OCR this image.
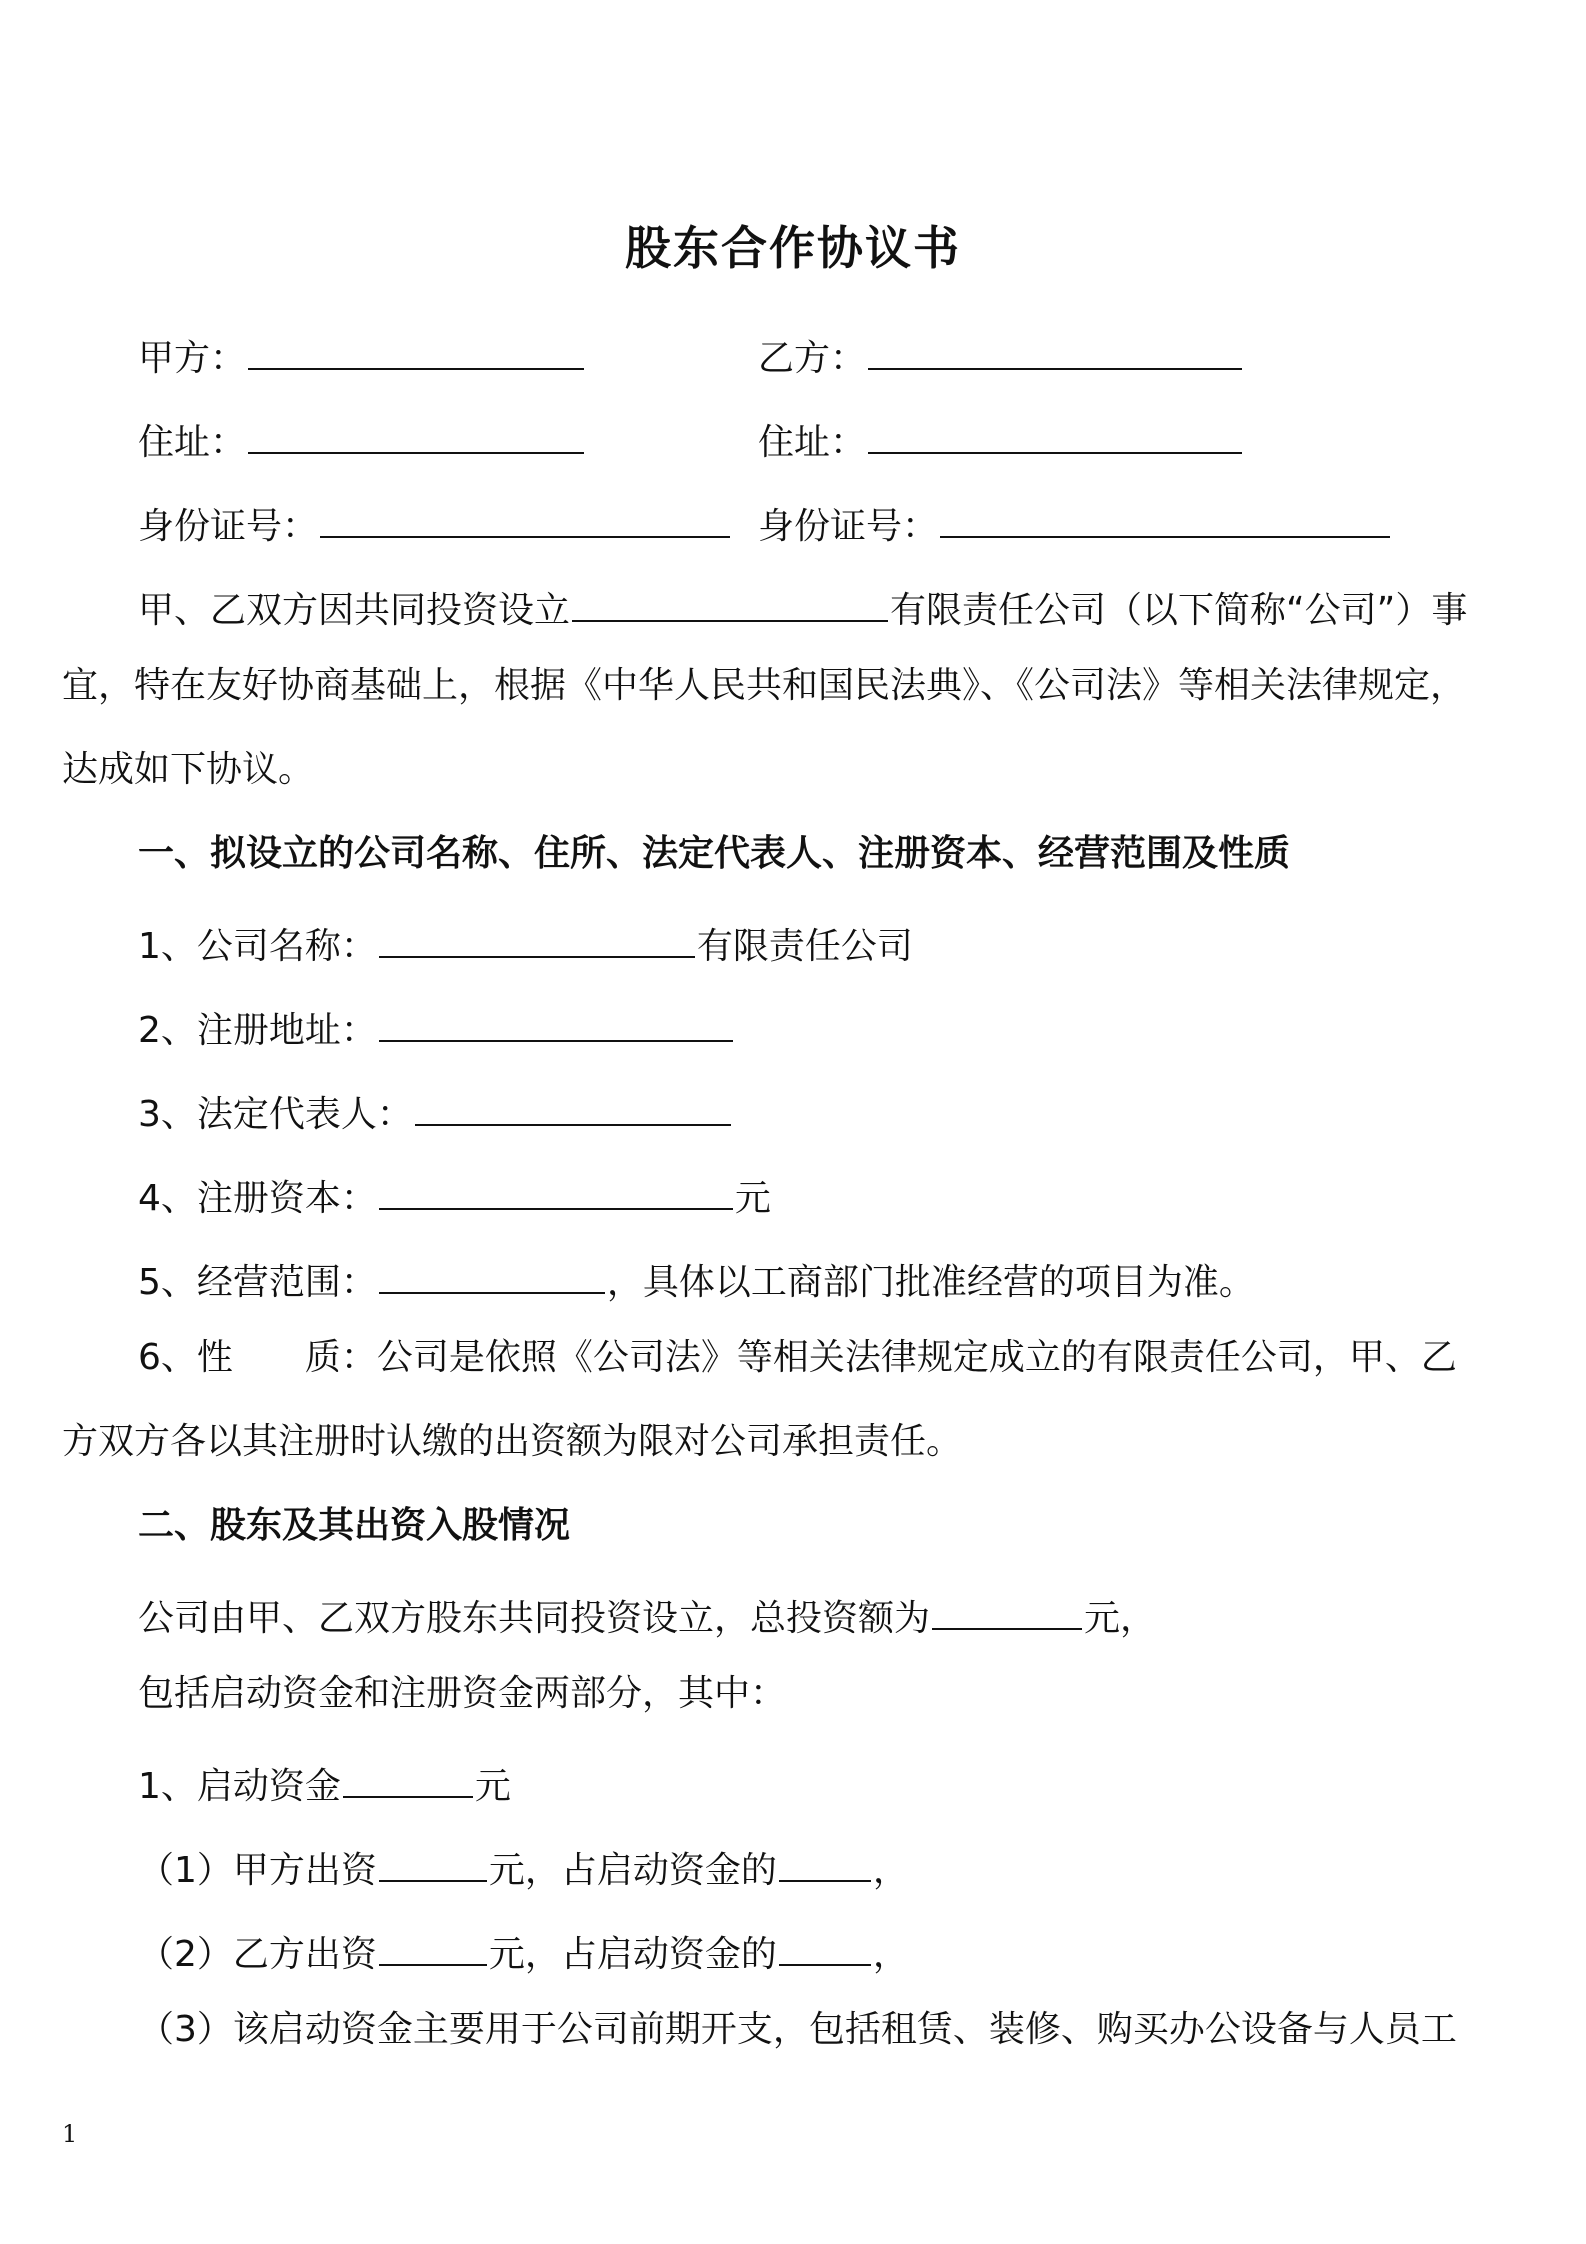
股东合作协议书
甲方：	乙方：
住址：	住址：
身份证号：	身份证号：
甲、乙双方因共同投资设立	有限责任公司（以下简称“公司”）事
宜，特在友好协商基础上，根据《中华人民共和国民法典》、《公司法》等相关法律规定，
达成如下协议。
一、拟设立的公司名称、住所、法定代表人、注册资本、经营范围及性质
1、公司名称：	有限责任公司
2、注册地址：
3、法定代表人：
4、注册资本：	元
5、经营范围：	，具体以工商部门批准经营的项目为准。
6、性　　质：公司是依照《公司法》等相关法律规定成立的有限责任公司，甲、乙
方双方各以其注册时认缴的出资额为限对公司承担责任。
二、股东及其出资入股情况
公司由甲、乙双方股东共同投资设立，总投资额为	元，
包括启动资金和注册资金两部分，其中：
1、启动资金	元
（1）甲方出资	元，占启动资金的	，
（2）乙方出资	元，占启动资金的	，
（3）该启动资金主要用于公司前期开支，包括租赁、装修、购买办公设备与人员工
1
